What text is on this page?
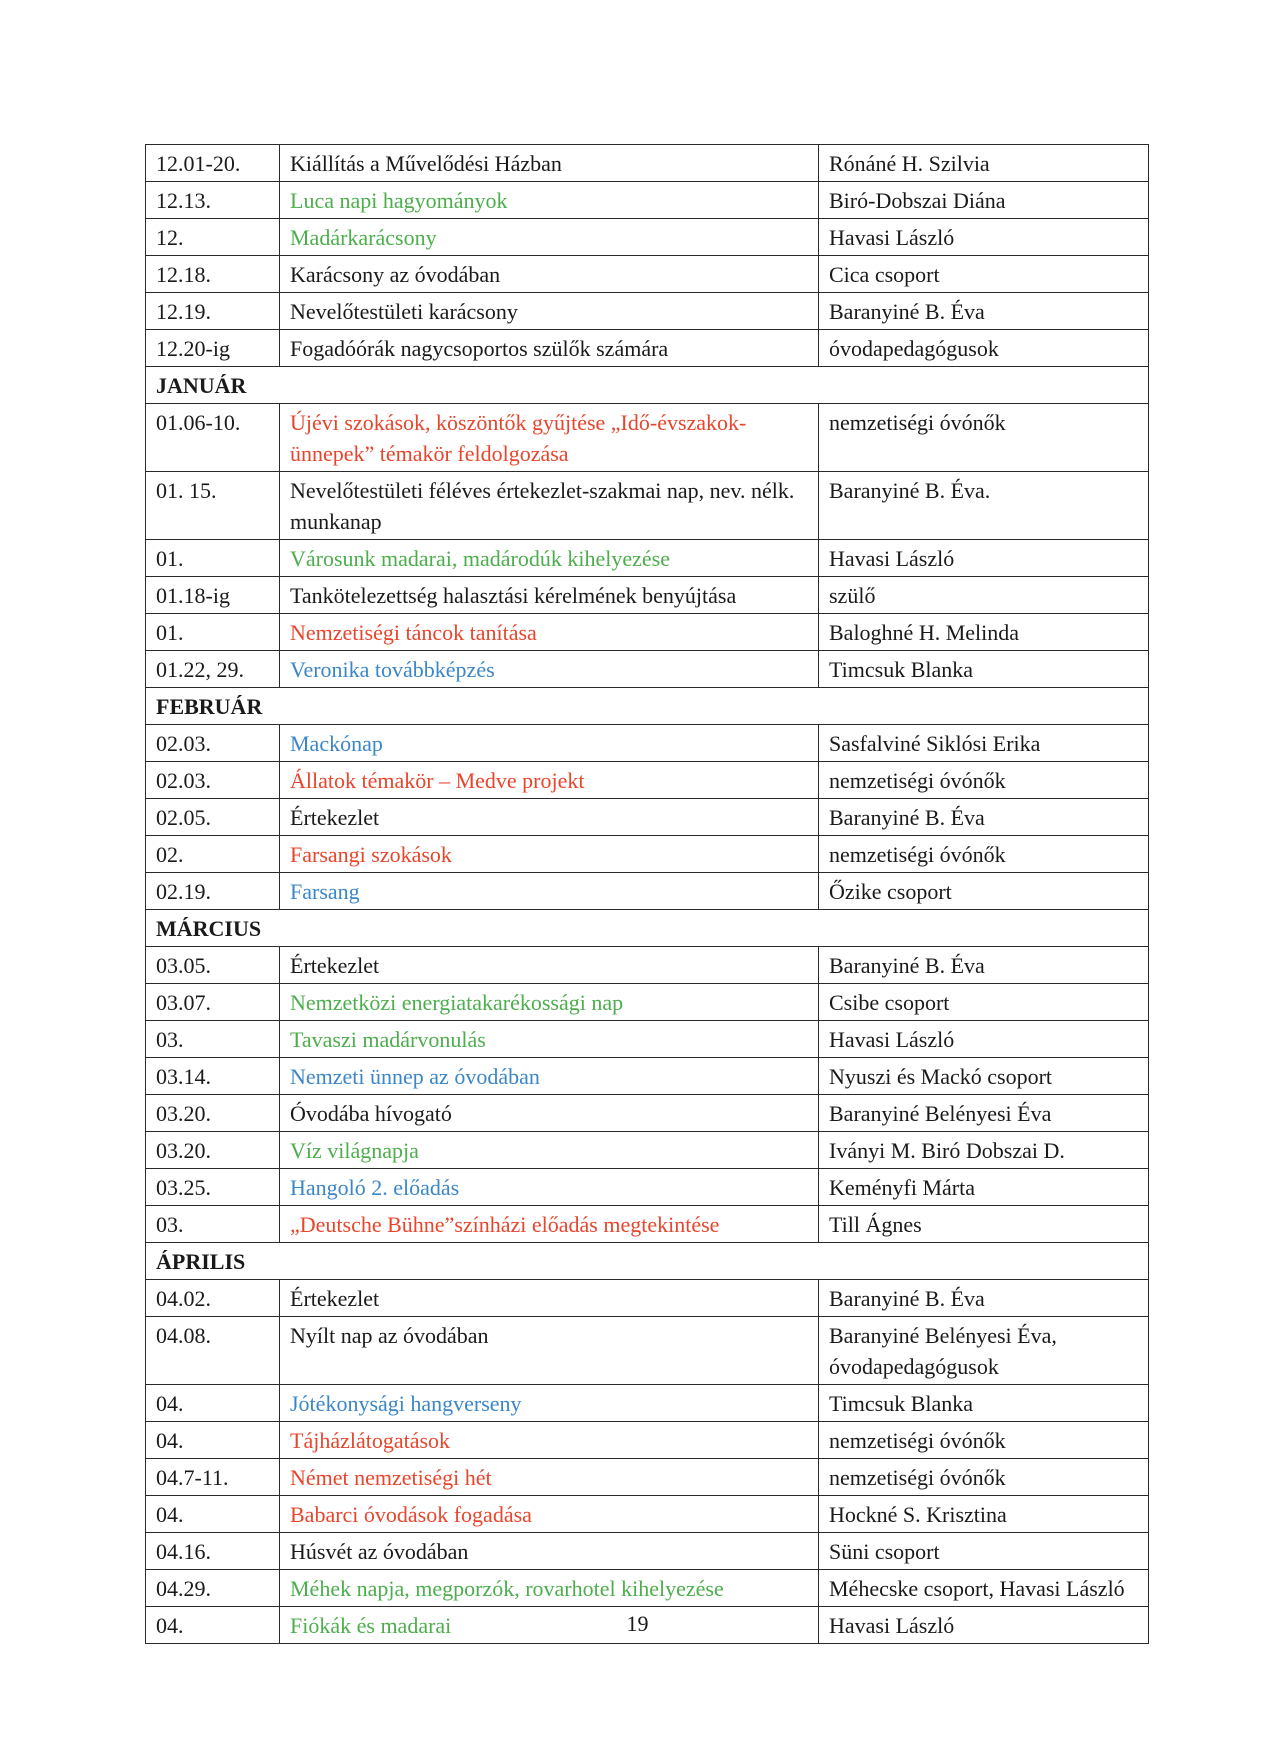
12.01-20.	Kiállítás a Művelődési Házban	Rónáné H. Szilvia
12.13.	Luca napi hagyományok	Biró-Dobszai Diána
12.	Madárkarácsony	Havasi László
12.18.	Karácsony az óvodában	Cica csoport
12.19.	Nevelőtestületi karácsony	Baranyiné B. Éva
12.20-ig	Fogadóórák nagycsoportos szülők számára	óvodapedagógusok
JANUÁR		
01.06-10.	Újévi szokások, köszöntők gyűjtése „Idő-évszakok-ünnepek” témakör feldolgozása	nemzetiségi óvónők
01. 15.	Nevelőtestületi féléves értekezlet-szakmai nap, nev. nélk. munkanap	Baranyiné B. Éva.
01.	Városunk madarai, madárodúk kihelyezése	Havasi László
01.18-ig	Tankötelezettség halasztási kérelmének benyújtása	szülő
01.	Nemzetiségi táncok tanítása	Baloghné H. Melinda
01.22, 29.	Veronika továbbképzés	Timcsuk Blanka
FEBRUÁR		
02.03.	Mackónap	Sasfalviné Siklósi Erika
02.03.	Állatok témakör – Medve projekt	nemzetiségi óvónők
02.05.	Értekezlet	Baranyiné B. Éva
02.	Farsangi szokások	nemzetiségi óvónők
02.19.	Farsang	Őzike csoport
MÁRCIUS		
03.05.	Értekezlet	Baranyiné B. Éva
03.07.	Nemzetközi energiatakarékossági nap	Csibe csoport
03.	Tavaszi madárvonulás	Havasi László
03.14.	Nemzeti ünnep az óvodában	Nyuszi és Mackó csoport
03.20.	Óvodába hívogató	Baranyiné Belényesi Éva
03.20.	Víz világnapja	Iványi M. Biró Dobszai D.
03.25.	Hangoló 2. előadás	Keményfi Márta
03.	„Deutsche Bühne”színházi előadás megtekintése	Till Ágnes
ÁPRILIS		
04.02.	Értekezlet	Baranyiné B. Éva
04.08.	Nyílt nap az óvodában	Baranyiné Belényesi Éva, óvodapedagógusok
04.	Jótékonysági hangverseny	Timcsuk Blanka
04.	Tájházlátogatások	nemzetiségi óvónők
04.7-11.	Német nemzetiségi hét	nemzetiségi óvónők
04.	Babarci óvodások fogadása	Hockné S. Krisztina
04.16.	Húsvét az óvodában	Süni csoport
04.29.	Méhek napja, megporzók, rovarhotel kihelyezése	Méhecske csoport, Havasi László
04.	Fiókák és madarai	Havasi László
19
